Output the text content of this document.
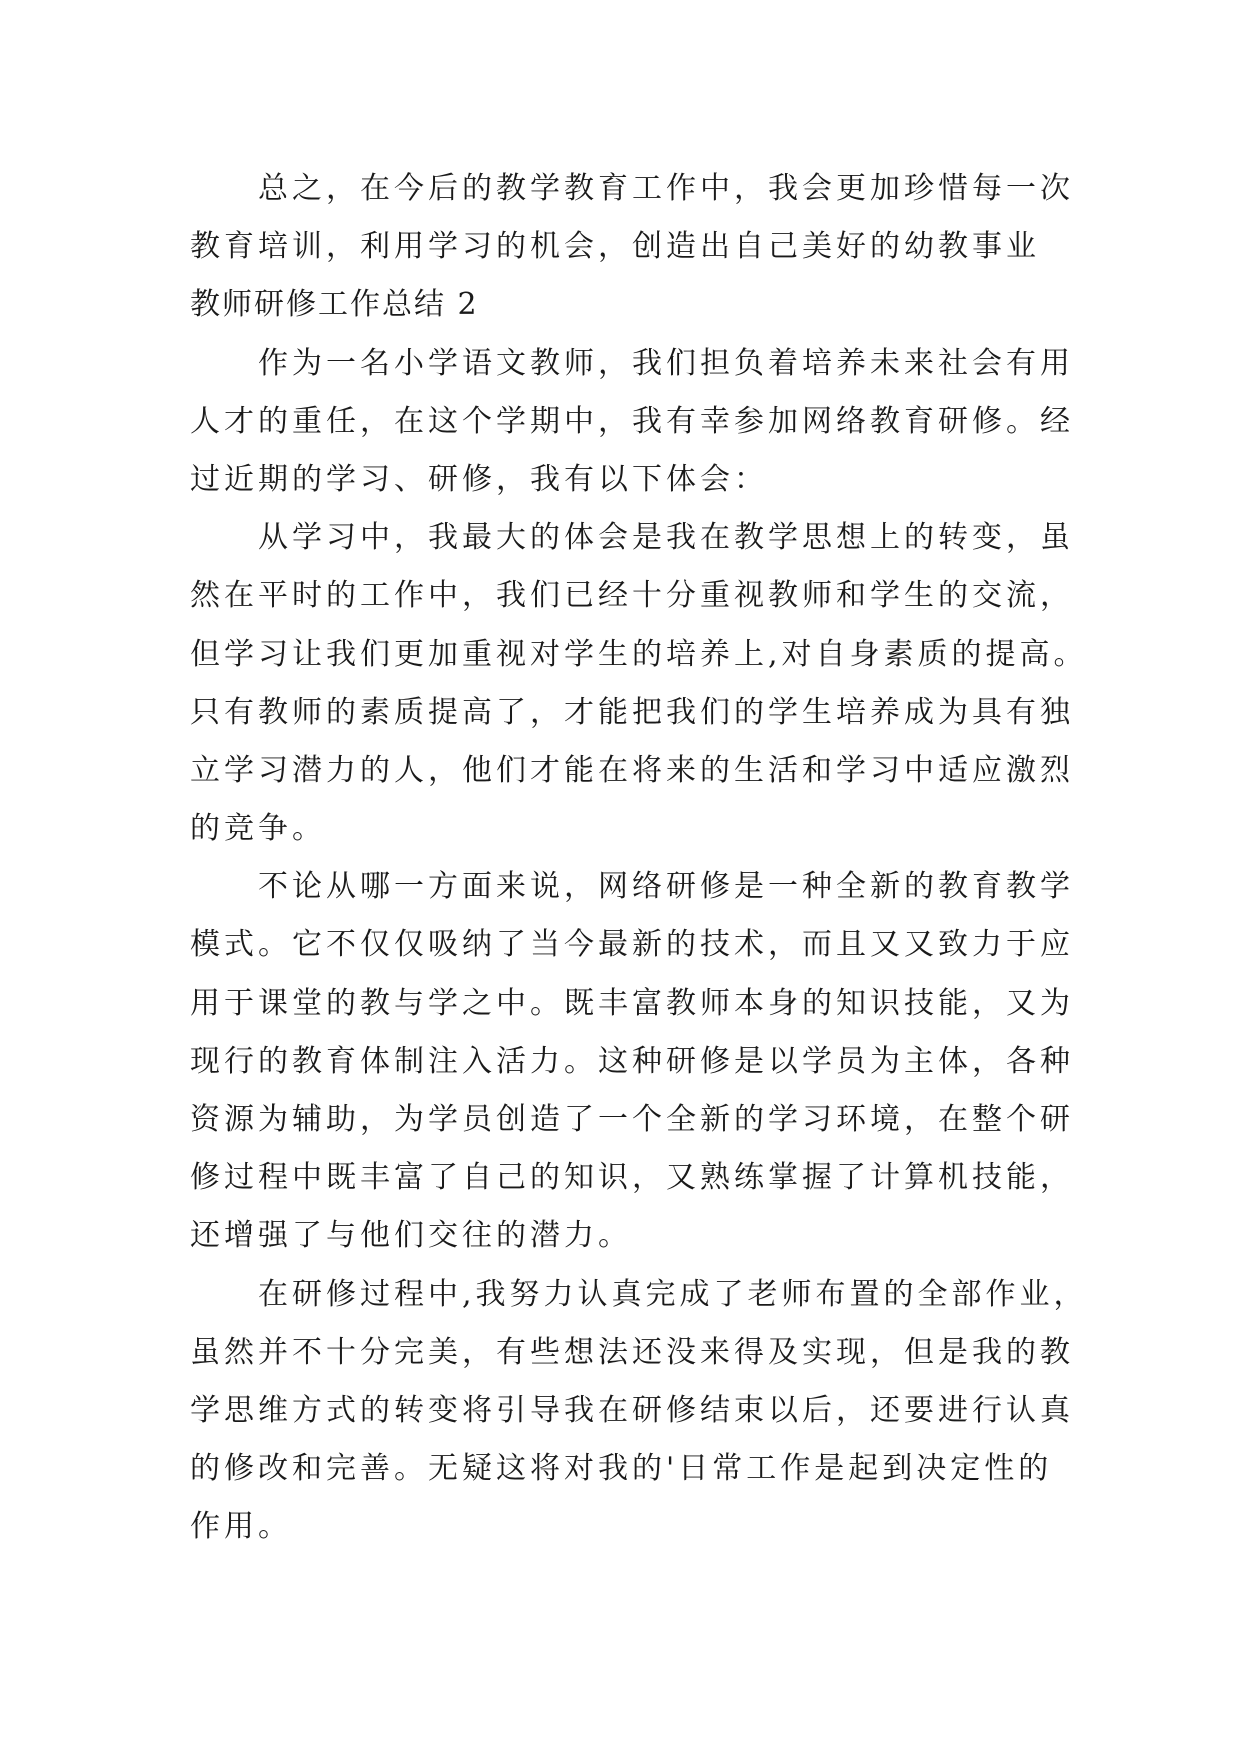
　　总之，在今后的教学教育工作中，我会更加珍惜每一次
教育培训，利用学习的机会，创造出自己美好的幼教事业
教师研修工作总结 2
　　作为一名小学语文教师，我们担负着培养未来社会有用
人才的重任，在这个学期中，我有幸参加网络教育研修。经
过近期的学习、研修，我有以下体会：
　　从学习中，我最大的体会是我在教学思想上的转变，虽
然在平时的工作中，我们已经十分重视教师和学生的交流，
但学习让我们更加重视对学生的培养上,对自身素质的提高。
只有教师的素质提高了，才能把我们的学生培养成为具有独
立学习潜力的人，他们才能在将来的生活和学习中适应激烈
的竞争。
　　不论从哪一方面来说，网络研修是一种全新的教育教学
模式。它不仅仅吸纳了当今最新的技术，而且又又致力于应
用于课堂的教与学之中。既丰富教师本身的知识技能，又为
现行的教育体制注入活力。这种研修是以学员为主体，各种
资源为辅助，为学员创造了一个全新的学习环境，在整个研
修过程中既丰富了自己的知识，又熟练掌握了计算机技能，
还增强了与他们交往的潜力。
　　在研修过程中,我努力认真完成了老师布置的全部作业，
虽然并不十分完美，有些想法还没来得及实现，但是我的教
学思维方式的转变将引导我在研修结束以后，还要进行认真
的修改和完善。无疑这将对我的'日常工作是起到决定性的
作用。
